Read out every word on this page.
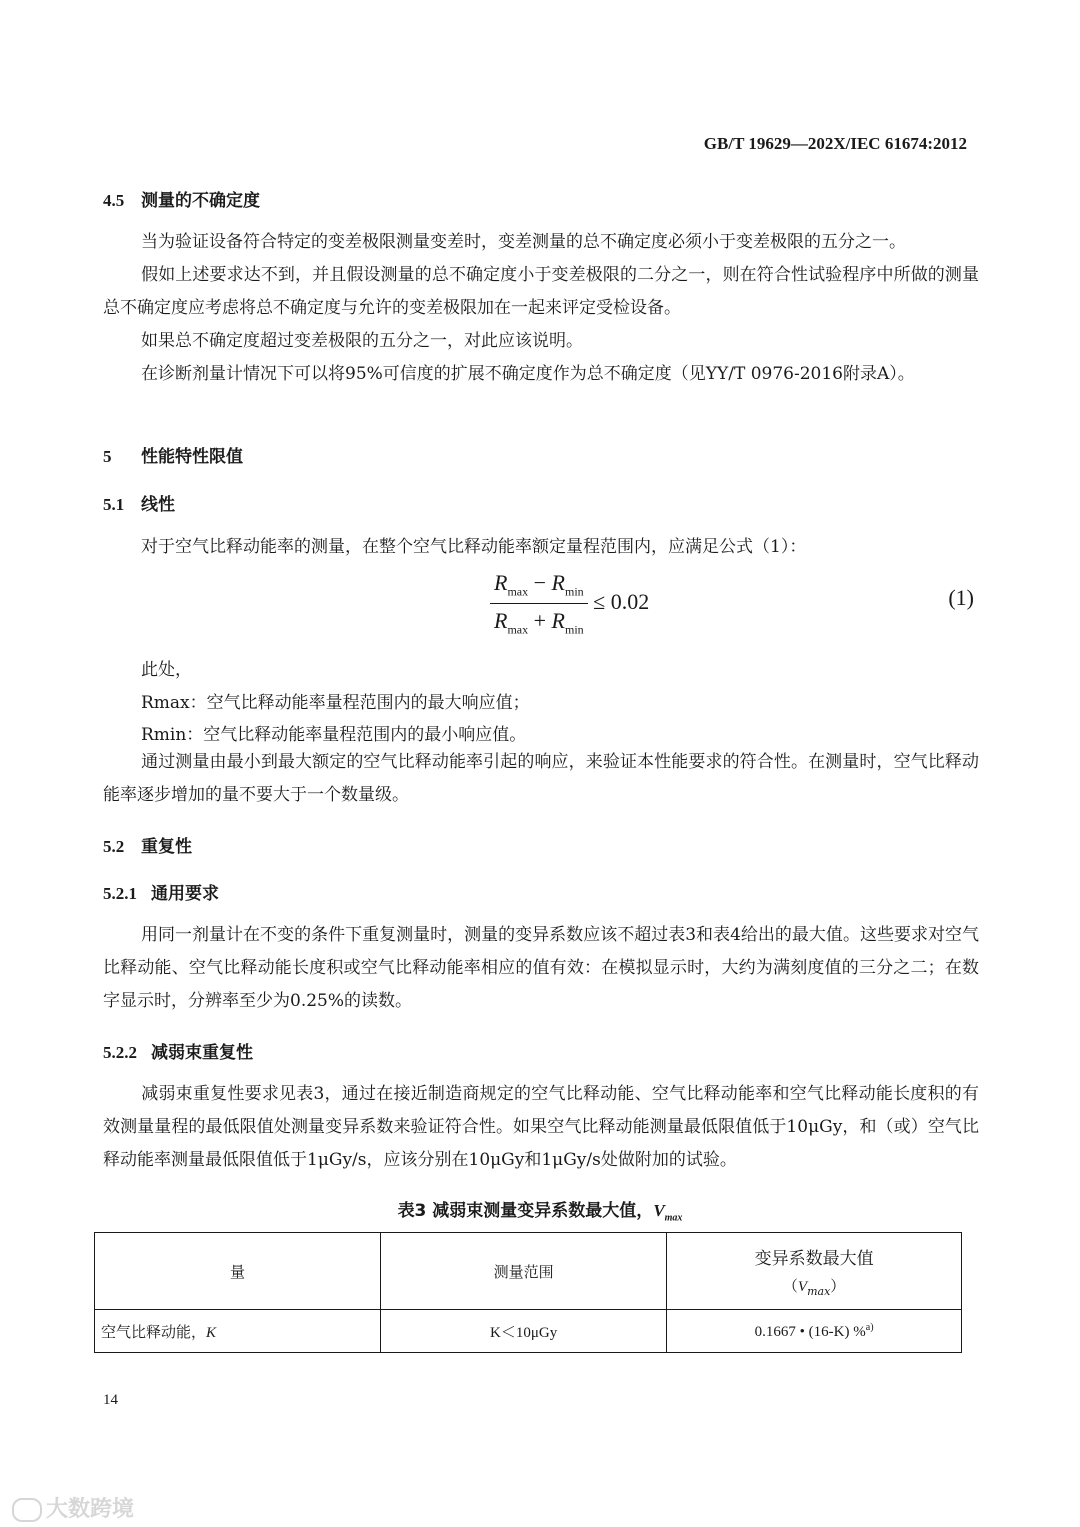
GB/T 19629—202X/IEC 61674:2012
4.5 测量的不确定度
当为验证设备符合特定的变差极限测量变差时，变差测量的总不确定度必须小于变差极限的五分之一。
假如上述要求达不到，并且假设测量的总不确定度小于变差极限的二分之一，则在符合性试验程序中所做的测量总不确定度应考虑将总不确定度与允许的变差极限加在一起来评定受检设备。
如果总不确定度超过变差极限的五分之一，对此应该说明。
在诊断剂量计情况下可以将95%可信度的扩展不确定度作为总不确定度（见YY/T 0976-2016附录A）。
5 性能特性限值
5.1 线性
对于空气比释动能率的测量，在整个空气比释动能率额定量程范围内，应满足公式（1）：
$\frac{R_{max} - R_{min}}{R_{max} + R_{min}} \le 0.02$	(1)
此处，
Rmax：空气比释动能率量程范围内的最大响应值；
Rmin：空气比释动能率量程范围内的最小响应值。
通过测量由最小到最大额定的空气比释动能率引起的响应，来验证本性能要求的符合性。在测量时，空气比释动能率逐步增加的量不要大于一个数量级。
5.2 重复性
5.2.1 通用要求
用同一剂量计在不变的条件下重复测量时，测量的变异系数应该不超过表3和表4给出的最大值。这些要求对空气比释动能、空气比释动能长度积或空气比释动能率相应的值有效：在模拟显示时，大约为满刻度值的三分之二；在数字显示时，分辨率至少为0.25%的读数。
5.2.2 减弱束重复性
减弱束重复性要求见表3，通过在接近制造商规定的空气比释动能、空气比释动能率和空气比释动能长度积的有效测量量程的最低限值处测量变异系数来验证符合性。如果空气比释动能测量最低限值低于10μGy，和（或）空气比释动能率测量最低限值低于1μGy/s，应该分别在10μGy和1μGy/s处做附加的试验。
表3 减弱束测量变异系数最大值，$V_{max}$
量	测量范围	变异系数最大值
$(V_{max})$

空气比释动能，K	K＜10μGy	0.1667 • (16-K) %$^{a)}$
14
大数跨境
